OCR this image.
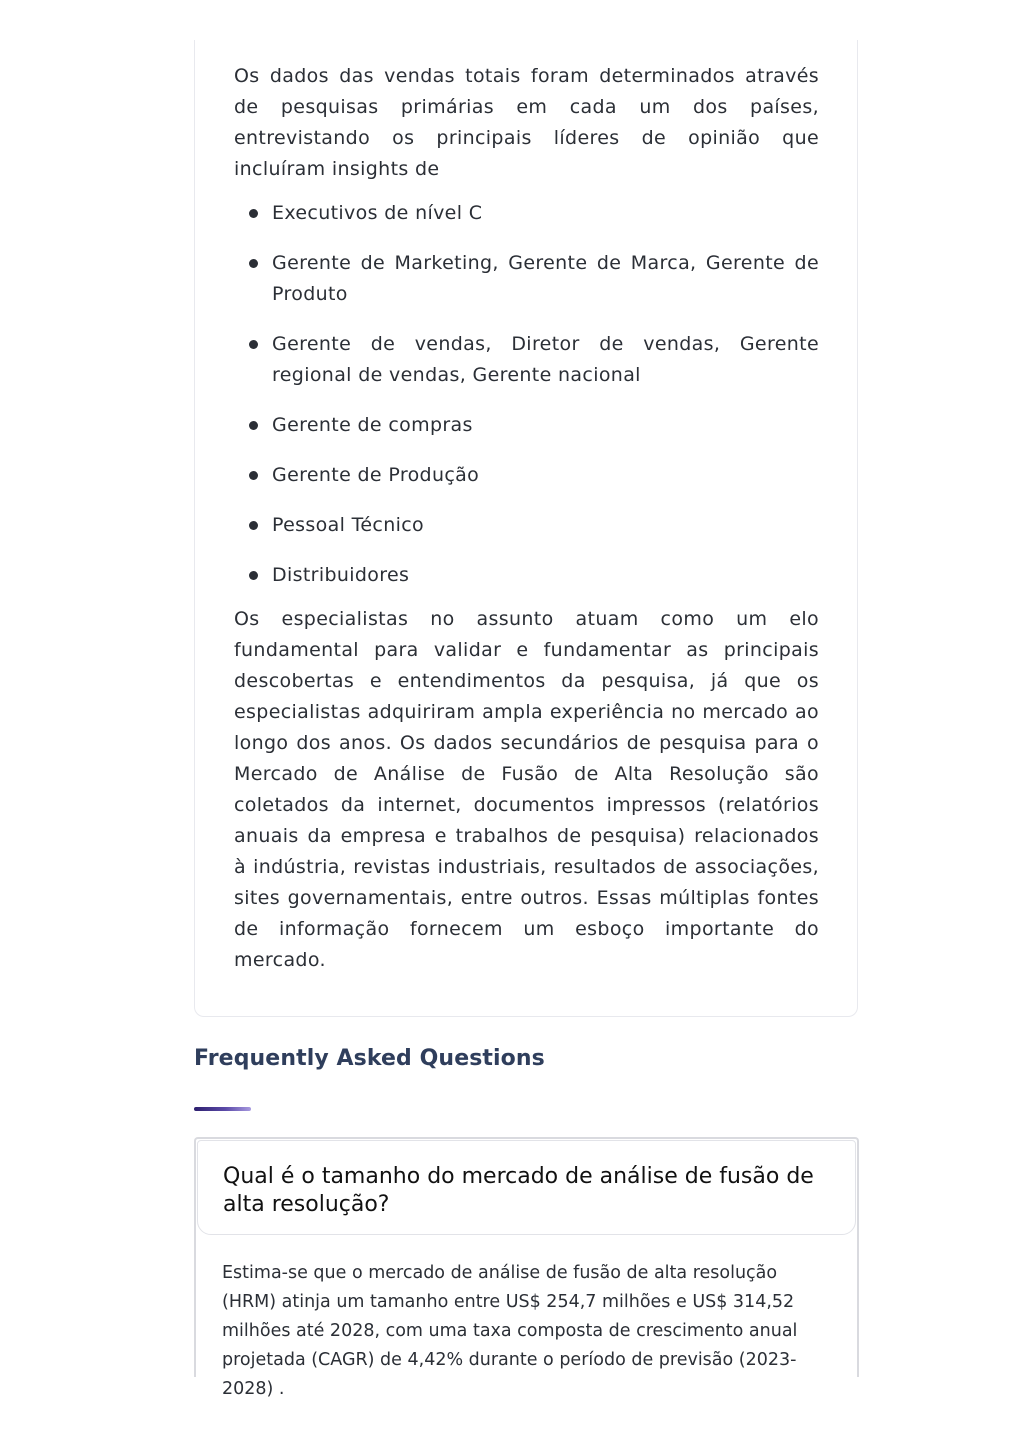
Os dados das vendas totais foram determinados através de pesquisas primárias em cada um dos países, entrevistando os principais líderes de opinião que incluíram insights de

Executivos de nível C
Gerente de Marketing, Gerente de Marca, Gerente de Produto
Gerente de vendas, Diretor de vendas, Gerente regional de vendas, Gerente nacional
Gerente de compras
Gerente de Produção
Pessoal Técnico
Distribuidores

Os especialistas no assunto atuam como um elo fundamental para validar e fundamentar as principais descobertas e entendimentos da pesquisa, já que os especialistas adquiriram ampla experiência no mercado ao longo dos anos. Os dados secundários de pesquisa para o Mercado de Análise de Fusão de Alta Resolução são coletados da internet, documentos impressos (relatórios anuais da empresa e trabalhos de pesquisa) relacionados à indústria, revistas industriais, resultados de associações, sites governamentais, entre outros. Essas múltiplas fontes de informação fornecem um esboço importante do mercado.

Frequently Asked Questions
Qual é o tamanho do mercado de análise de fusão de alta resolução?

Estima-se que o mercado de análise de fusão de alta resolução (HRM) atinja um tamanho entre US$ 254,7 milhões e US$ 314,52 milhões até 2028, com uma taxa composta de crescimento anual projetada (CAGR) de 4,42% durante o período de previsão (2023-2028) .
